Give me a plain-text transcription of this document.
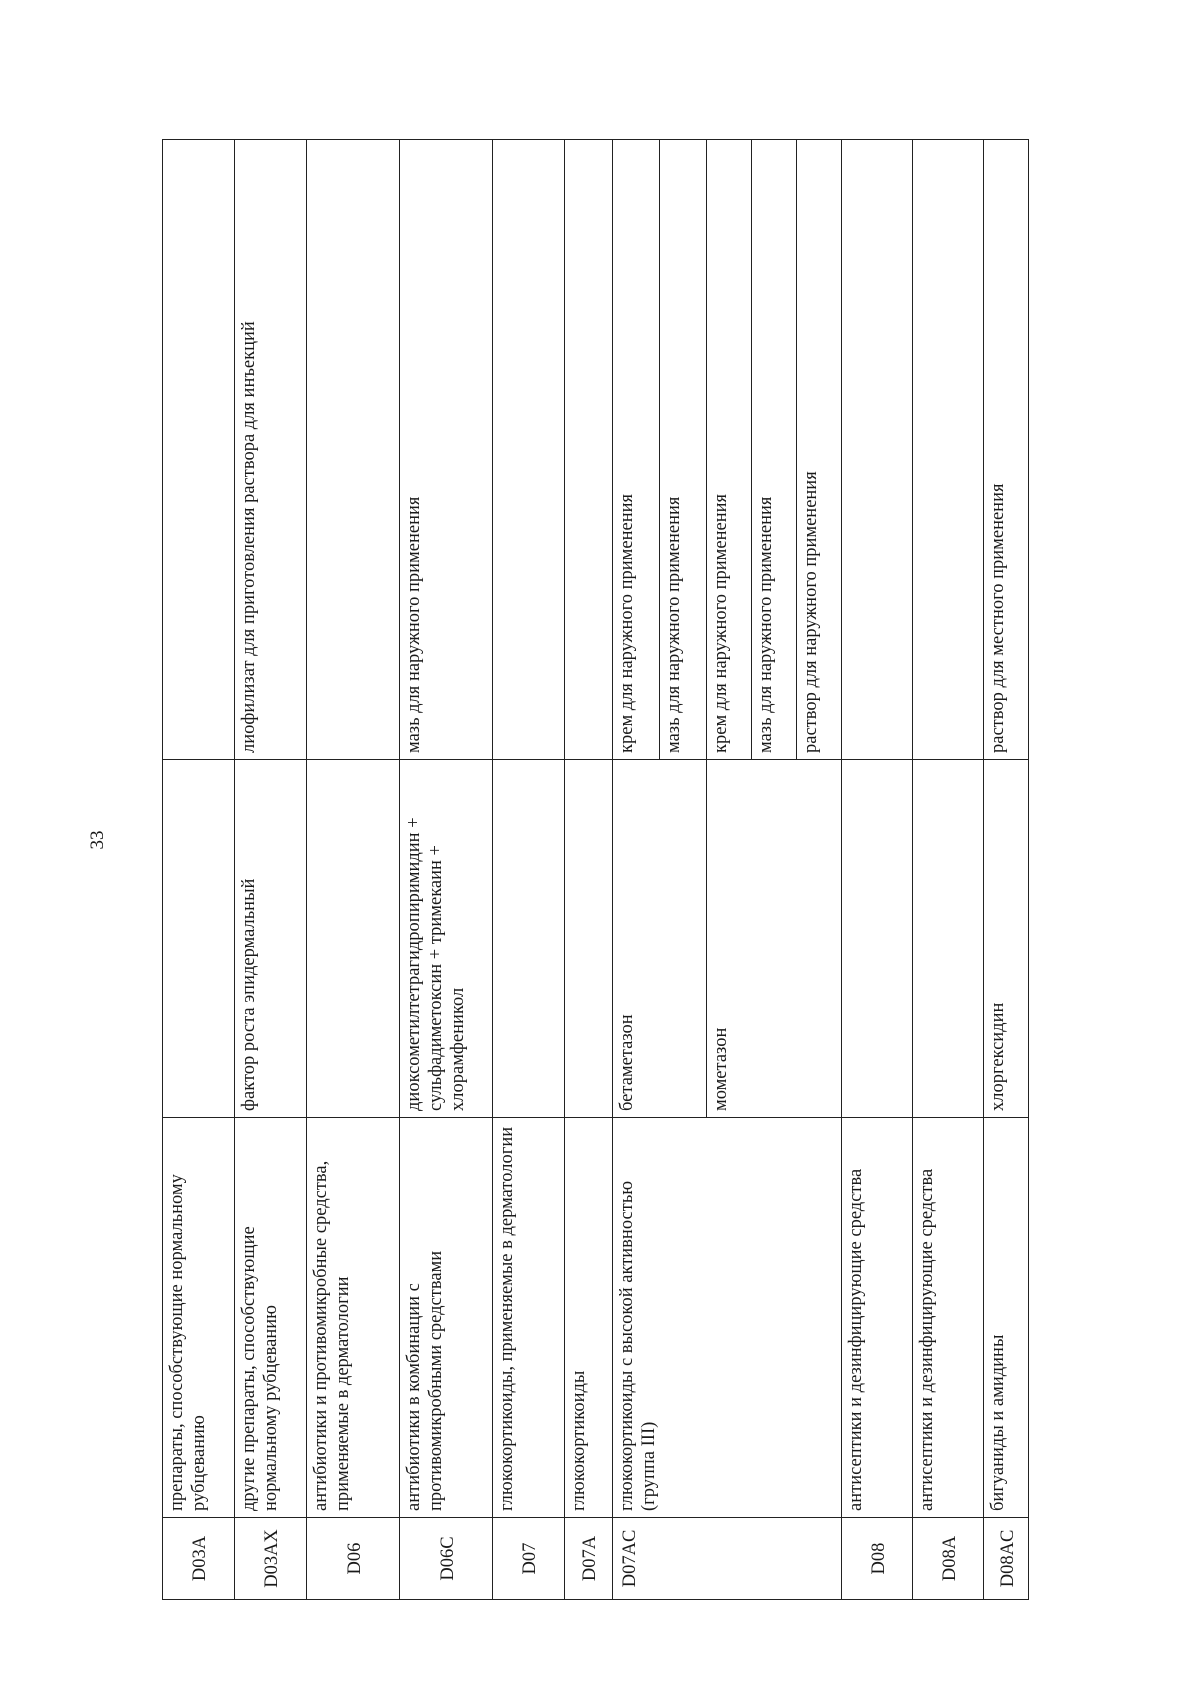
33
D03A	препараты, способствующие нормальному рубцеванию		
D03AX	другие препараты, способствующие нормальному рубцеванию	фактор роста эпидермальный	лиофилизат для приготовления раствора для инъекций
D06	антибиотики и противомикробные средства, применяемые в дерматологии		
D06C	антибиотики в комбинации с противомикробными средствами	диоксометилтетрагидропиримидин + сульфадиметоксин + тримекаин + хлорамфеникол	мазь для наружного применения
D07	глюкокортикоиды, применяемые в дерматологии		
D07A	глюкокортикоиды		
D07AC	глюкокортикоиды с высокой активностью (группа III)	бетаметазон	крем для наружного применения
			мазь для наружного применения
		мометазон	крем для наружного применения
			мазь для наружного применения
			раствор для наружного применения
D08	антисептики и дезинфицирующие средства		
D08A	антисептики и дезинфицирующие средства		
D08AC	бигуаниды и амидины	хлоргексидин	раствор для местного применения
